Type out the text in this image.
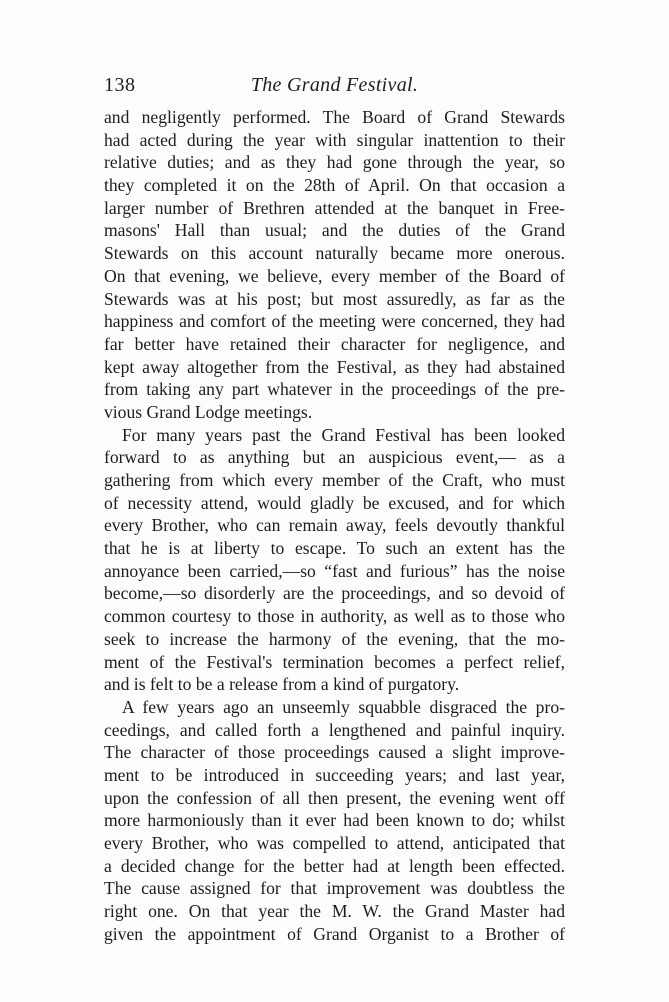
138	The Grand Festival.
and negligently performed. The Board of Grand Stewards
had acted during the year with singular inattention to their
relative duties; and as they had gone through the year, so
they completed it on the 28th of April. On that occasion a
larger number of Brethren attended at the banquet in Free-
masons' Hall than usual; and the duties of the Grand
Stewards on this account naturally became more onerous.
On that evening, we believe, every member of the Board of
Stewards was at his post; but most assuredly, as far as the
happiness and comfort of the meeting were concerned, they had
far better have retained their character for negligence, and
kept away altogether from the Festival, as they had abstained
from taking any part whatever in the proceedings of the pre-
vious Grand Lodge meetings.
For many years past the Grand Festival has been looked
forward to as anything but an auspicious event,— as a
gathering from which every member of the Craft, who must
of necessity attend, would gladly be excused, and for which
every Brother, who can remain away, feels devoutly thankful
that he is at liberty to escape. To such an extent has the
annoyance been carried,—so “fast and furious” has the noise
become,—so disorderly are the proceedings, and so devoid of
common courtesy to those in authority, as well as to those who
seek to increase the harmony of the evening, that the mo-
ment of the Festival's termination becomes a perfect relief,
and is felt to be a release from a kind of purgatory.
A few years ago an unseemly squabble disgraced the pro-
ceedings, and called forth a lengthened and painful inquiry.
The character of those proceedings caused a slight improve-
ment to be introduced in succeeding years; and last year,
upon the confession of all then present, the evening went off
more harmoniously than it ever had been known to do; whilst
every Brother, who was compelled to attend, anticipated that
a decided change for the better had at length been effected.
The cause assigned for that improvement was doubtless the
right one. On that year the M. W. the Grand Master had
given the appointment of Grand Organist to a Brother of
